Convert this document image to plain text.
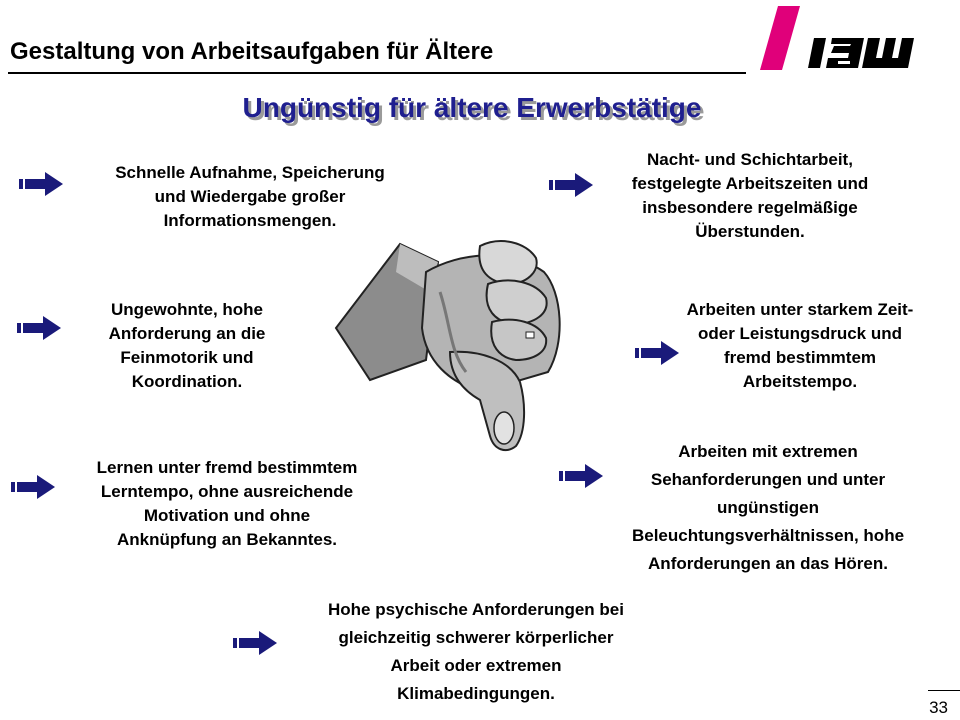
Gestaltung von Arbeitsaufgaben für Ältere
Ungünstig für ältere Erwerbstätige
Schnelle Aufnahme, Speicherung
und Wiedergabe großer
Informationsmengen.
Nacht- und Schichtarbeit,
festgelegte Arbeitszeiten und
insbesondere regelmäßige
Überstunden.
Ungewohnte, hohe
Anforderung an die
Feinmotorik und
Koordination.
Arbeiten unter starkem Zeit-
oder Leistungsdruck und
fremd bestimmtem
Arbeitstempo.
Lernen unter fremd bestimmtem
Lerntempo, ohne ausreichende
Motivation und ohne
Anknüpfung an Bekanntes.
Arbeiten mit extremen
Sehanforderungen und unter
ungünstigen
Beleuchtungsverhältnissen, hohe
Anforderungen an das Hören.
Hohe psychische Anforderungen bei
gleichzeitig schwerer körperlicher
Arbeit oder extremen
Klimabedingungen.
33
